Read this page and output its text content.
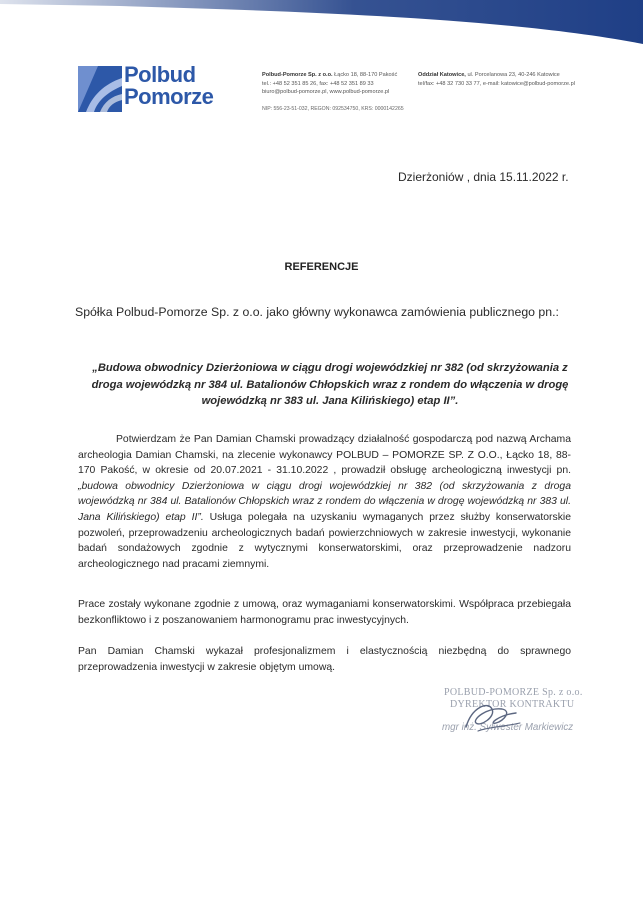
Polbud
Pomorze
Polbud-Pomorze Sp. z o.o. Łącko 18, 88-170 Pakość
tel.: +48 52 351 85 26, fax: +48 52 351 89 33
biuro@polbud-pomorze.pl, www.polbud-pomorze.pl
Oddział Katowice, ul. Porcelanowa 23, 40-246 Katowice
tel/fax: +48 32 730 33 77, e-mail: katowice@polbud-pomorze.pl
NIP: 556-23-51-032, REGON: 092534750, KRS: 0000142265
Dzierżoniów , dnia 15.11.2022 r.
REFERENCJE
Spółka Polbud-Pomorze Sp. z o.o. jako główny wykonawca zamówienia publicznego pn.:
„Budowa obwodnicy Dzierżoniowa w ciągu drogi wojewódzkiej nr 382 (od skrzyżowania z droga wojewódzką nr 384 ul. Batalionów Chłopskich wraz z rondem do włączenia w drogę wojewódzką nr 383 ul. Jana Kilińskiego) etap II”.
Potwierdzam że Pan Damian Chamski prowadzący działalność gospodarczą pod nazwą Archama archeologia Damian Chamski, na zlecenie wykonawcy POLBUD – POMORZE SP. Z O.O., Łącko 18, 88-170 Pakość, w okresie od 20.07.2021 - 31.10.2022 , prowadził obsługę archeologiczną inwestycji pn. „budowa obwodnicy Dzierżoniowa w ciągu drogi wojewódzkiej nr 382 (od skrzyżowania z droga wojewódzką nr 384 ul. Batalionów Chłopskich wraz z rondem do włączenia w drogę wojewódzką nr 383 ul. Jana Kilińskiego) etap II”. Usługa polegała na uzyskaniu wymaganych przez służby konserwatorskie pozwoleń, przeprowadzeniu archeologicznych badań powierzchniowych w zakresie inwestycji, wykonanie badań sondażowych zgodnie z wytycznymi konserwatorskimi, oraz przeprowadzenie nadzoru archeologicznego nad pracami ziemnymi.
Prace zostały wykonane zgodnie z umową, oraz wymaganiami konserwatorskimi. Współpraca przebiegała bezkonfliktowo i z poszanowaniem harmonogramu prac inwestycyjnych.
Pan Damian Chamski wykazał profesjonalizmem i elastycznością niezbędną do sprawnego przeprowadzenia inwestycji w zakresie objętym umową.
POLBUD-POMORZE Sp. z o.o.
DYREKTOR KONTRAKTU
mgr inż. Sylwester Markiewicz
